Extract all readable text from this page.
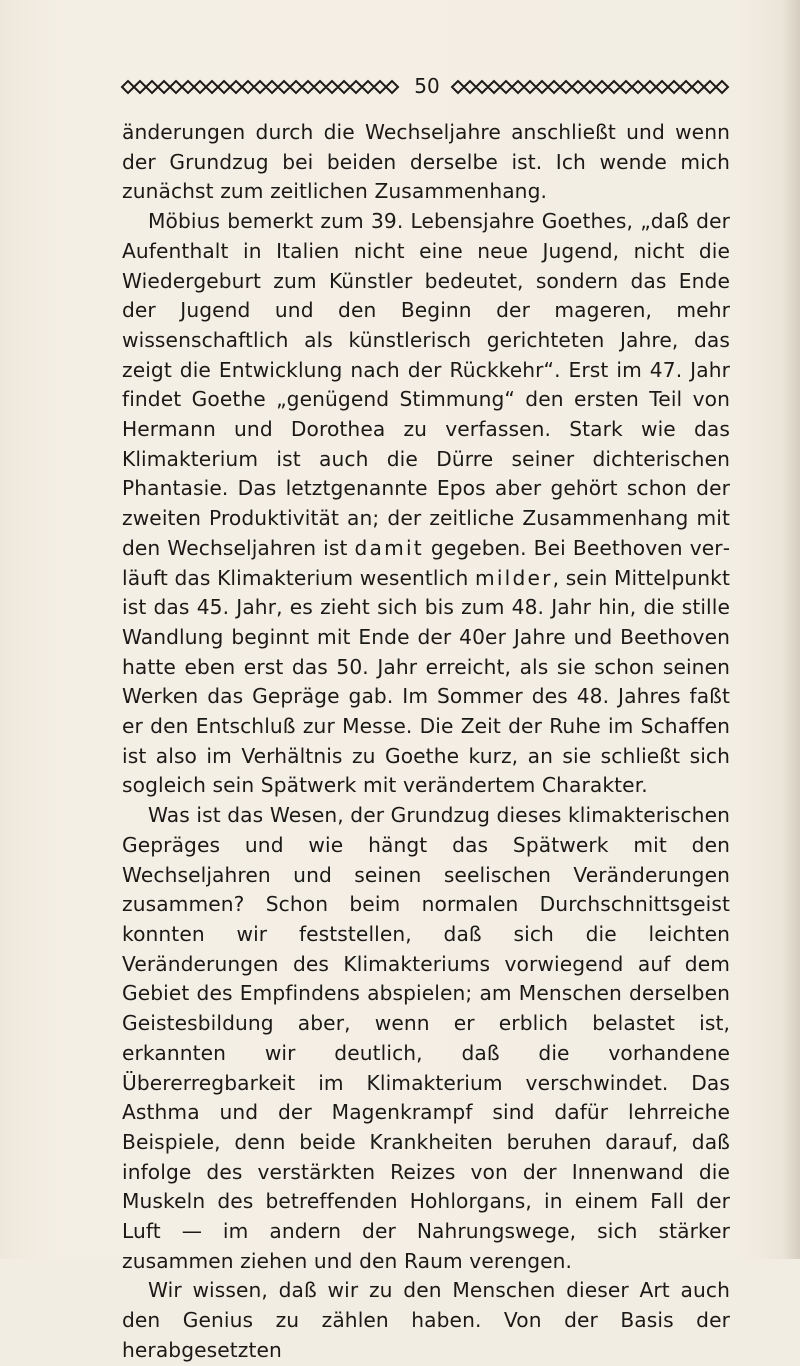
50

änderungen durch die Wechseljahre anschließt und wenn der Grundzug bei beiden derselbe ist. Ich wende mich zunächst zum zeitlichen Zusammenhang.

Möbius bemerkt zum 39. Lebensjahre Goethes, „daß der Aufenthalt in Italien nicht eine neue Jugend, nicht die Wiedergeburt zum Künstler bedeutet, sondern das Ende der Jugend und den Beginn der mageren, mehr wissenschaftlich als künstlerisch gerichteten Jahre, das zeigt die Entwicklung nach der Rückkehr“. Erst im 47. Jahr findet Goethe „genügend Stimmung“ den ersten Teil von Hermann und Dorothea zu verfassen. Stark wie das Klimakterium ist auch die Dürre seiner dichterischen Phantasie. Das letztgenannte Epos aber gehört schon der zweiten Produktivität an; der zeitliche Zusammenhang mit den Wechseljahren ist damit gegeben. Bei Beethoven verläuft das Klimakterium wesentlich milder, sein Mittelpunkt ist das 45. Jahr, es zieht sich bis zum 48. Jahr hin, die stille Wandlung beginnt mit Ende der 40er Jahre und Beethoven hatte eben erst das 50. Jahr erreicht, als sie schon seinen Werken das Gepräge gab. Im Sommer des 48. Jahres faßt er den Entschluß zur Messe. Die Zeit der Ruhe im Schaffen ist also im Verhältnis zu Goethe kurz, an sie schließt sich sogleich sein Spätwerk mit verändertem Charakter.

Was ist das Wesen, der Grundzug dieses klimakterischen Gepräges und wie hängt das Spätwerk mit den Wechseljahren und seinen seelischen Veränderungen zusammen? Schon beim normalen Durchschnittsgeist konnten wir feststellen, daß sich die leichten Veränderungen des Klimakteriums vorwiegend auf dem Gebiet des Empfindens abspielen; am Menschen derselben Geistesbildung aber, wenn er erblich belastet ist, erkannten wir deutlich, daß die vorhandene Übererregbarkeit im Klimakterium verschwindet. Das Asthma und der Magenkrampf sind dafür lehrreiche Beispiele, denn beide Krankheiten beruhen darauf, daß infolge des verstärkten Reizes von der Innenwand die Muskeln des betreffenden Hohlorgans, in einem Fall der Luft — im andern der Nahrungswege, sich stärker zusammen ziehen und den Raum verengen.

Wir wissen, daß wir zu den Menschen dieser Art auch den Genius zu zählen haben. Von der Basis der herabgesetzten
